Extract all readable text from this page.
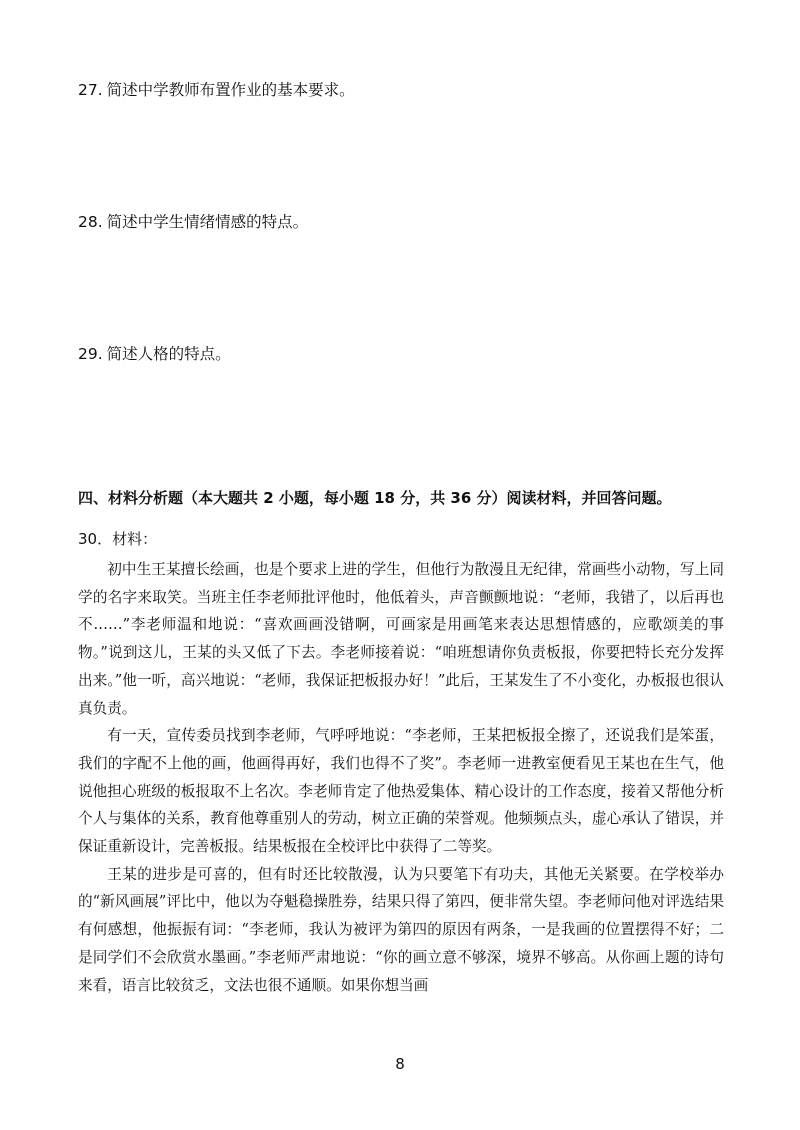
27. 简述中学教师布置作业的基本要求。
28. 简述中学生情绪情感的特点。
29. 简述人格的特点。
四、材料分析题（本大题共 2 小题，每小题 18 分，共 36 分）阅读材料，并回答问题。
30．材料：

初中生王某擅长绘画，也是个要求上进的学生，但他行为散漫且无纪律，常画些小动物，写上同学的名字来取笑。当班主任李老师批评他时，他低着头，声音颤颤地说：“老师，我错了，以后再也不……”李老师温和地说：“喜欢画画没错啊，可画家是用画笔来表达思想情感的，应歌颂美的事物。”说到这儿，王某的头又低了下去。李老师接着说：“咱班想请你负责板报，你要把特长充分发挥出来。”他一听，高兴地说：“老师，我保证把板报办好！”此后，王某发生了不小变化，办板报也很认真负责。

有一天，宣传委员找到李老师，气呼呼地说：“李老师，王某把板报全擦了，还说我们是笨蛋，我们的字配不上他的画，他画得再好，我们也得不了奖”。李老师一进教室便看见王某也在生气，他说他担心班级的板报取不上名次。李老师肯定了他热爱集体、精心设计的工作态度，接着又帮他分析个人与集体的关系，教育他尊重别人的劳动，树立正确的荣誉观。他频频点头，虚心承认了错误，并保证重新设计，完善板报。结果板报在全校评比中获得了二等奖。

王某的进步是可喜的，但有时还比较散漫，认为只要笔下有功夫，其他无关紧要。在学校举办的“新风画展”评比中，他以为夺魁稳操胜券，结果只得了第四，便非常失望。李老师问他对评选结果有何感想，他振振有词：“李老师，我认为被评为第四的原因有两条，一是我画的位置摆得不好；二是同学们不会欣赏水墨画。”李老师严肃地说：“你的画立意不够深，境界不够高。从你画上题的诗句来看，语言比较贫乏，文法也很不通顺。如果你想当画

8
